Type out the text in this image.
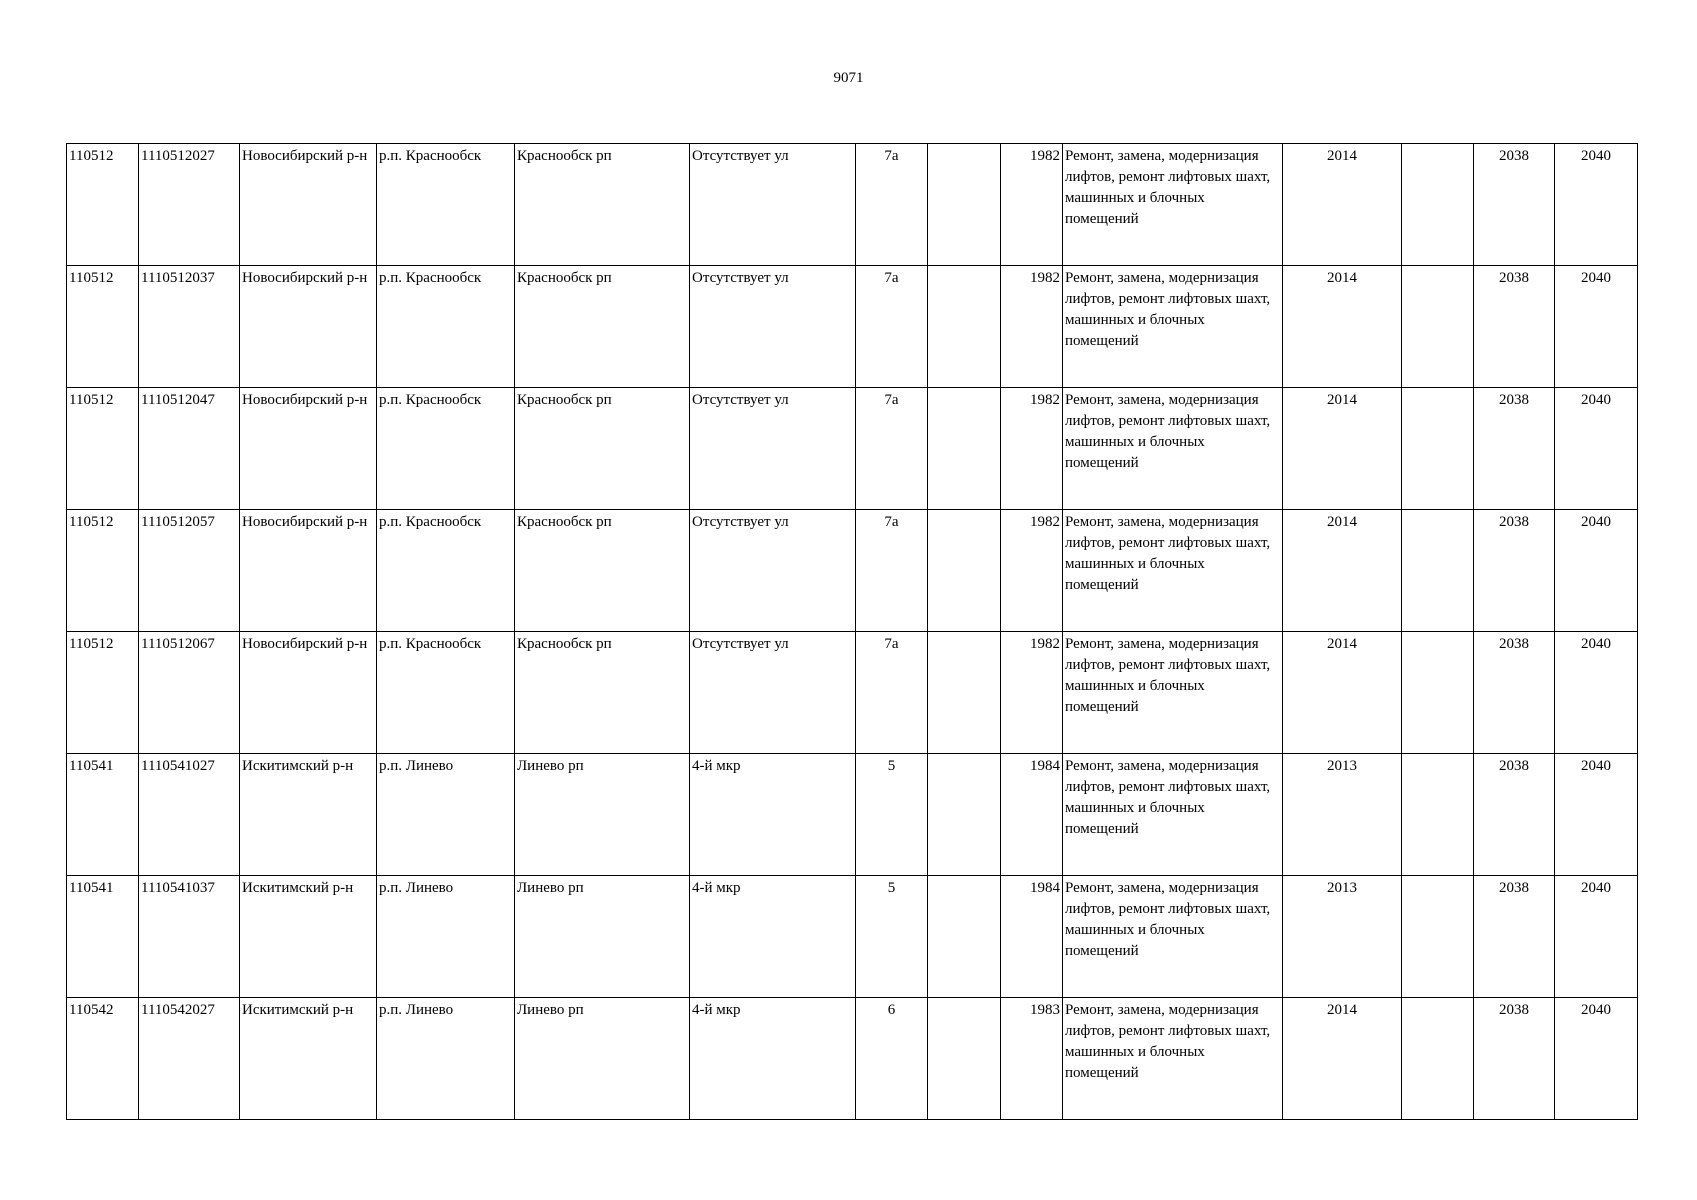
9071
110512	1110512027	Новосибирский р-н	р.п. Краснообск	Краснообск рп	Отсутствует ул	7а		1982	Ремонт, замена, модернизация лифтов, ремонт лифтовых шахт, машинных и блочных помещений	2014		2038	2040
110512	1110512037	Новосибирский р-н	р.п. Краснообск	Краснообск рп	Отсутствует ул	7а		1982	Ремонт, замена, модернизация лифтов, ремонт лифтовых шахт, машинных и блочных помещений	2014		2038	2040
110512	1110512047	Новосибирский р-н	р.п. Краснообск	Краснообск рп	Отсутствует ул	7а		1982	Ремонт, замена, модернизация лифтов, ремонт лифтовых шахт, машинных и блочных помещений	2014		2038	2040
110512	1110512057	Новосибирский р-н	р.п. Краснообск	Краснообск рп	Отсутствует ул	7а		1982	Ремонт, замена, модернизация лифтов, ремонт лифтовых шахт, машинных и блочных помещений	2014		2038	2040
110512	1110512067	Новосибирский р-н	р.п. Краснообск	Краснообск рп	Отсутствует ул	7а		1982	Ремонт, замена, модернизация лифтов, ремонт лифтовых шахт, машинных и блочных помещений	2014		2038	2040
110541	1110541027	Искитимский р-н	р.п. Линево	Линево рп	4-й мкр	5		1984	Ремонт, замена, модернизация лифтов, ремонт лифтовых шахт, машинных и блочных помещений	2013		2038	2040
110541	1110541037	Искитимский р-н	р.п. Линево	Линево рп	4-й мкр	5		1984	Ремонт, замена, модернизация лифтов, ремонт лифтовых шахт, машинных и блочных помещений	2013		2038	2040
110542	1110542027	Искитимский р-н	р.п. Линево	Линево рп	4-й мкр	6		1983	Ремонт, замена, модернизация лифтов, ремонт лифтовых шахт, машинных и блочных помещений	2014		2038	2040
